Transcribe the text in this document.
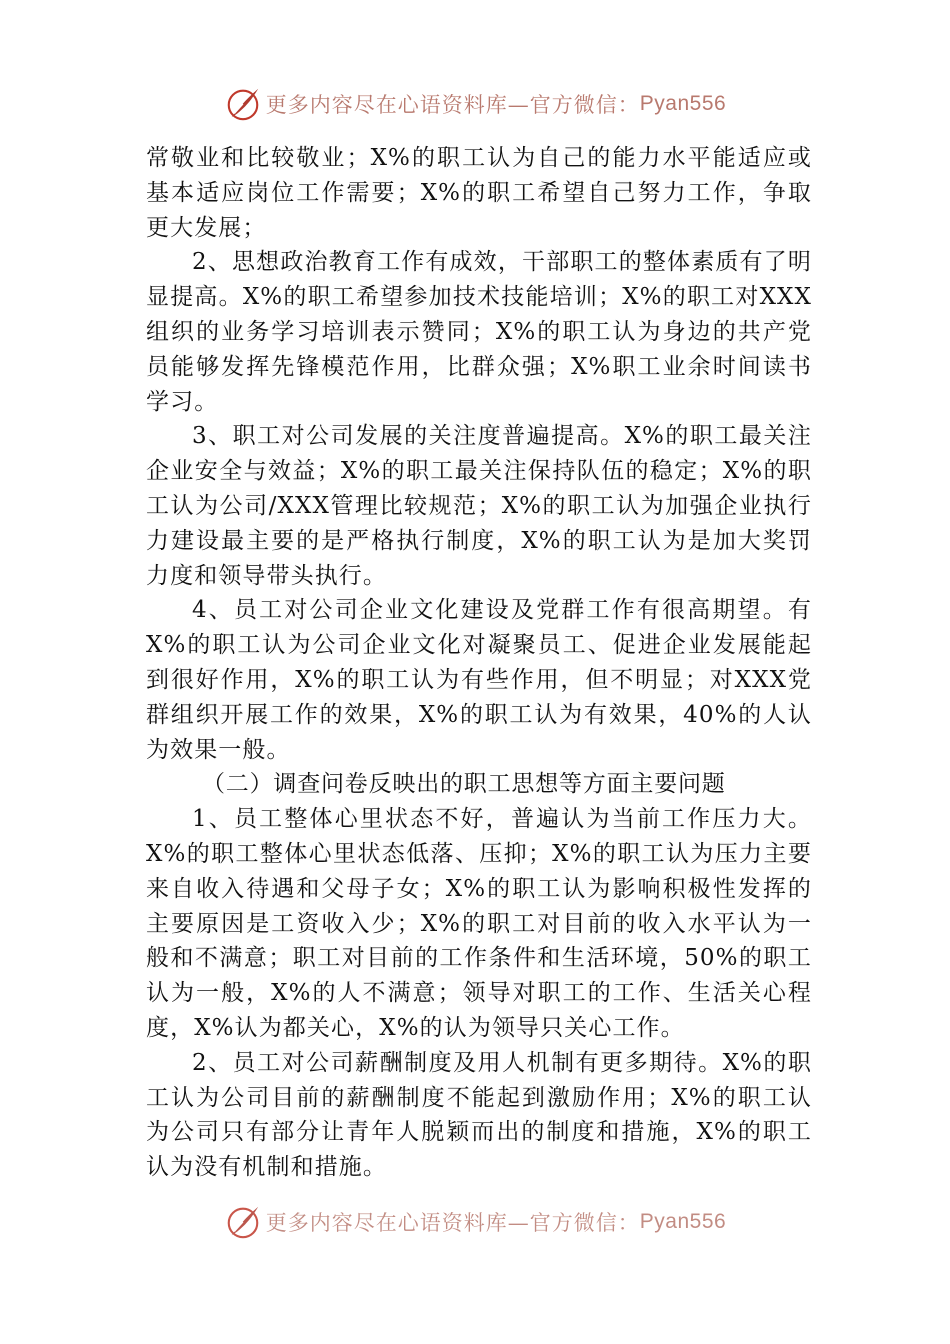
更多内容尽在心语资料库—官方微信： Pyan556

常敬业和比较敬业；X%的职工认为自己的能力水平能适应或基本适应岗位工作需要；X%的职工希望自己努力工作，争取更大发展；

2、思想政治教育工作有成效，干部职工的整体素质有了明显提高。X%的职工希望参加技术技能培训；X%的职工对XXX组织的业务学习培训表示赞同；X%的职工认为身边的共产党员能够发挥先锋模范作用，比群众强；X%职工业余时间读书学习。

3、职工对公司发展的关注度普遍提高。X%的职工最关注企业安全与效益；X%的职工最关注保持队伍的稳定；X%的职工认为公司/XXX管理比较规范；X%的职工认为加强企业执行力建设最主要的是严格执行制度，X%的职工认为是加大奖罚力度和领导带头执行。

4、员工对公司企业文化建设及党群工作有很高期望。有X%的职工认为公司企业文化对凝聚员工、促进企业发展能起到很好作用，X%的职工认为有些作用，但不明显；对XXX党群组织开展工作的效果，X%的职工认为有效果，40%的人认为效果一般。

（二）调查问卷反映出的职工思想等方面主要问题

1、员工整体心里状态不好，普遍认为当前工作压力大。X%的职工整体心里状态低落、压抑；X%的职工认为压力主要来自收入待遇和父母子女；X%的职工认为影响积极性发挥的主要原因是工资收入少；X%的职工对目前的收入水平认为一般和不满意；职工对目前的工作条件和生活环境，50%的职工认为一般，X%的人不满意；领导对职工的工作、生活关心程度，X%认为都关心，X%的认为领导只关心工作。

2、员工对公司薪酬制度及用人机制有更多期待。X%的职工认为公司目前的薪酬制度不能起到激励作用；X%的职工认为公司只有部分让青年人脱颖而出的制度和措施，X%的职工认为没有机制和措施。

更多内容尽在心语资料库—官方微信： Pyan556
